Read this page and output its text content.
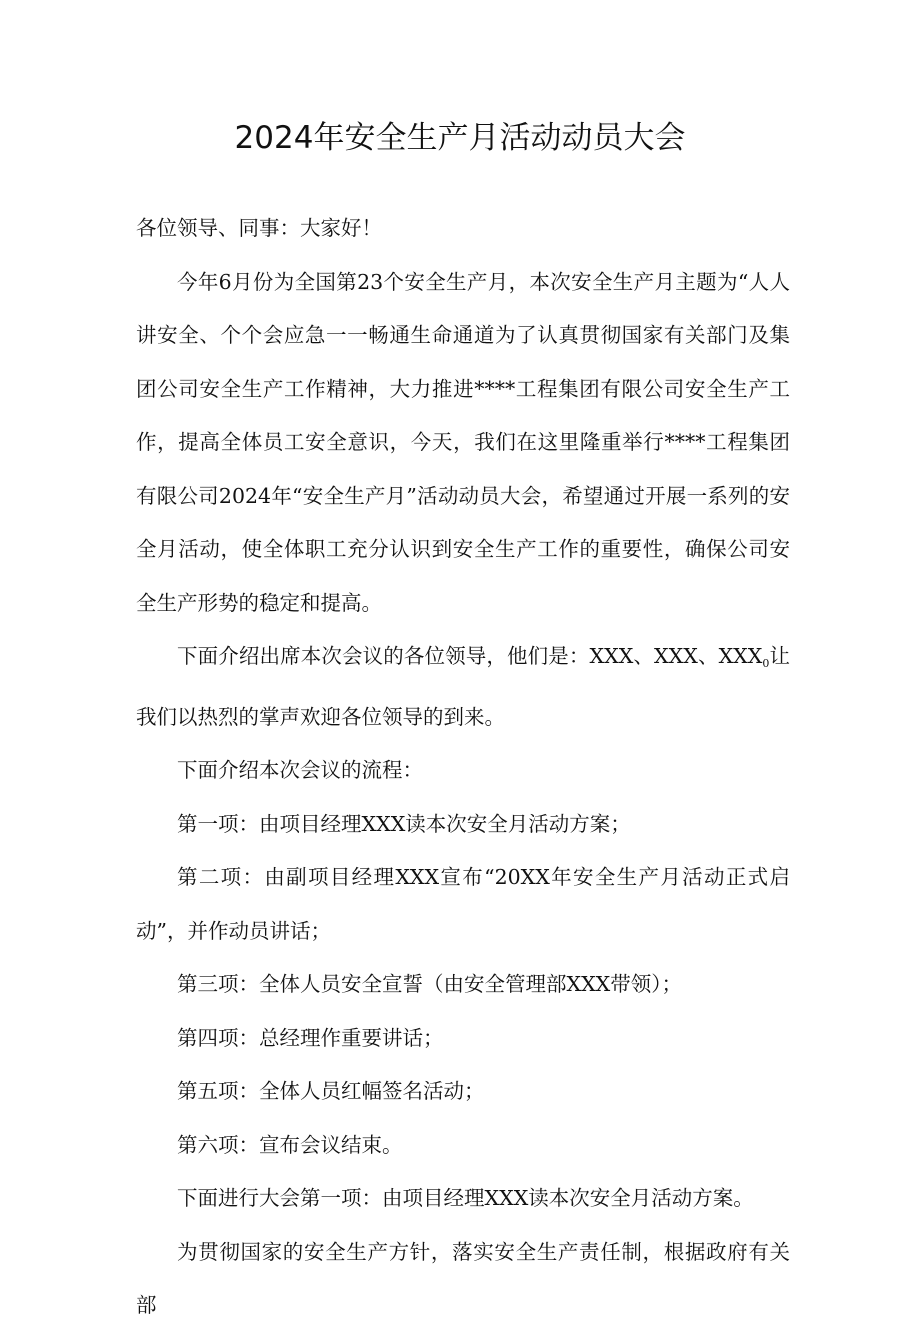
2024年安全生产月活动动员大会

各位领导、同事：大家好！

今年6月份为全国第23个安全生产月，本次安全生产月主题为“人人讲安全、个个会应急一一畅通生命通道为了认真贯彻国家有关部门及集团公司安全生产工作精神，大力推进****工程集团有限公司安全生产工作，提高全体员工安全意识，今天，我们在这里隆重举行****工程集团有限公司2024年“安全生产月”活动动员大会，希望通过开展一系列的安全月活动，使全体职工充分认识到安全生产工作的重要性，确保公司安全生产形势的稳定和提高。

下面介绍出席本次会议的各位领导，他们是：XXX、XXX、$XXX_0$让我们以热烈的掌声欢迎各位领导的到来。

下面介绍本次会议的流程：

第一项：由项目经理XXX读本次安全月活动方案；

第二项：由副项目经理XXX宣布“20XX年安全生产月活动正式启动”，并作动员讲话；

第三项：全体人员安全宣誓（由安全管理部XXX带领）；

第四项：总经理作重要讲话；

第五项：全体人员红幅签名活动；

第六项：宣布会议结束。

下面进行大会第一项：由项目经理XXX读本次安全月活动方案。

为贯彻国家的安全生产方针，落实安全生产责任制，根据政府有关部
